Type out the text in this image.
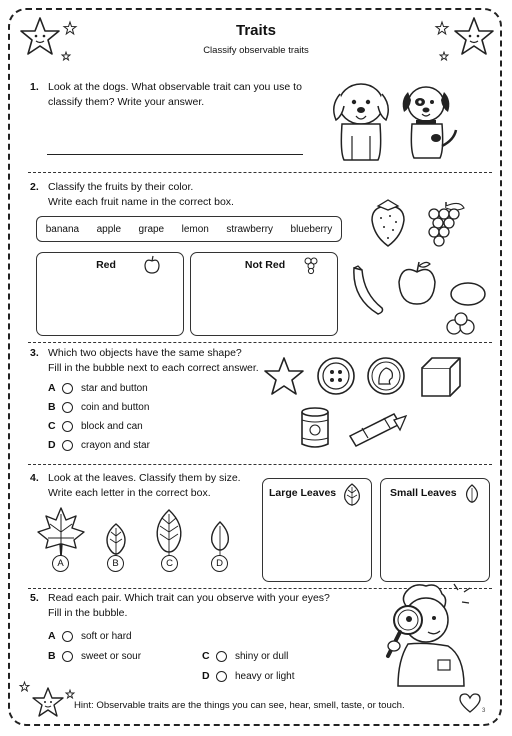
Traits
Classify observable traits
1. Look at the dogs. What observable trait can you use to

classify them? Write your answer.
2. Classify the fruits by their color.

Write each fruit name in the correct box.
banana apple grape lemon strawberry blueberry
Red	Not Red
3. Which two objects have the same shape?

Fill in the bubble next to each correct answer.
A	star and button
B	coin and button
C	block and can
D	crayon and star
4. Look at the leaves. Classify them by size.

Write each letter in the correct box.
A	B	C	D
Large Leaves	Small Leaves
5. Read each pair. Which trait can you observe with your eyes?

Fill in the bubble.
A	soft or hard
B	sweet or sour	C	shiny or dull
D	heavy or light
Hint: Observable traits are the things you can see, hear, smell, taste, or touch.	3
